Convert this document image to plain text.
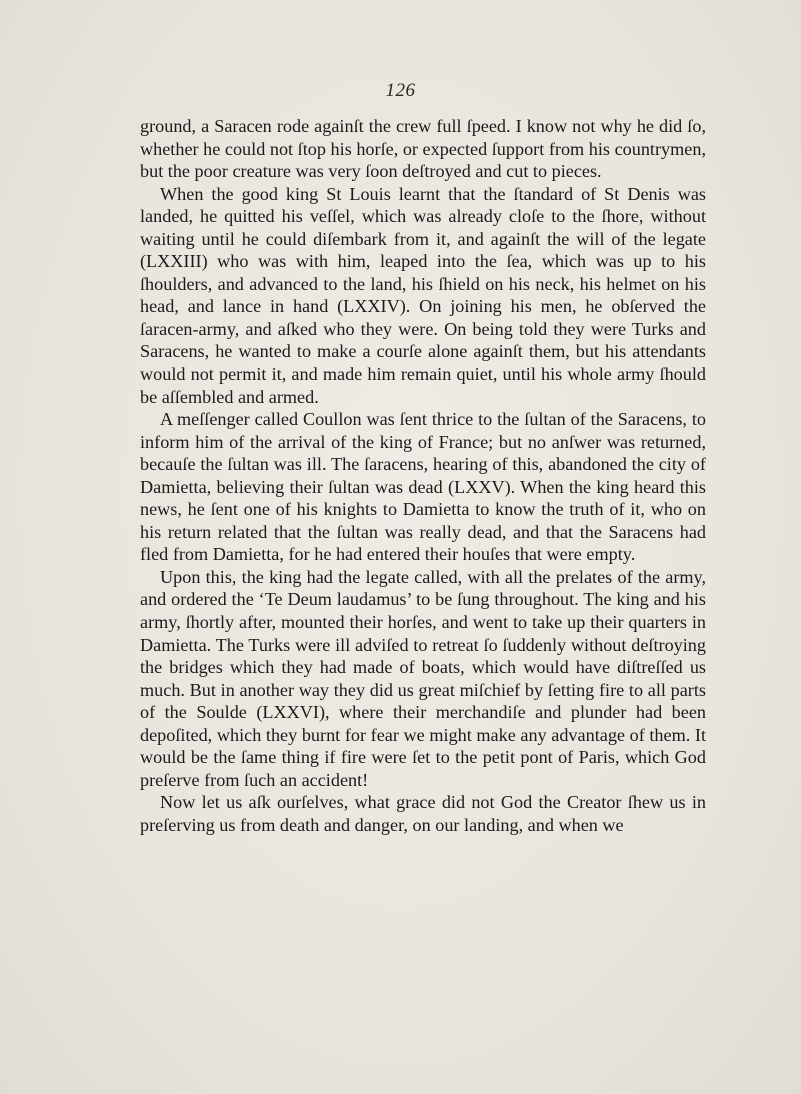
126

ground, a Saracen rode againſt the crew full ſpeed. I know not why he did ſo, whether he could not ſtop his horſe, or expected ſupport from his countrymen, but the poor creature was very ſoon deſtroyed and cut to pieces.

When the good king St Louis learnt that the ſtandard of St Denis was landed, he quitted his veſſel, which was already cloſe to the ſhore, without waiting until he could diſembark from it, and againſt the will of the legate (LXXIII) who was with him, leaped into the ſea, which was up to his ſhoulders, and advanced to the land, his ſhield on his neck, his helmet on his head, and lance in hand (LXXIV). On joining his men, he obſerved the ſaracen-army, and aſked who they were. On being told they were Turks and Saracens, he wanted to make a courſe alone againſt them, but his attendants would not permit it, and made him remain quiet, until his whole army ſhould be aſſembled and armed.

A meſſenger called Coullon was ſent thrice to the ſultan of the Saracens, to inform him of the arrival of the king of France; but no anſwer was returned, becauſe the ſultan was ill. The ſaracens, hearing of this, abandoned the city of Damietta, believing their ſultan was dead (LXXV). When the king heard this news, he ſent one of his knights to Damietta to know the truth of it, who on his return related that the ſultan was really dead, and that the Saracens had fled from Damietta, for he had entered their houſes that were empty.

Upon this, the king had the legate called, with all the prelates of the army, and ordered the ‘Te Deum laudamus’ to be ſung throughout. The king and his army, ſhortly after, mounted their horſes, and went to take up their quarters in Damietta. The Turks were ill adviſed to retreat ſo ſuddenly without deſtroying the bridges which they had made of boats, which would have diſtreſſed us much. But in another way they did us great miſchief by ſetting fire to all parts of the Soulde (LXXVI), where their merchandiſe and plunder had been depoſited, which they burnt for fear we might make any advantage of them. It would be the ſame thing if fire were ſet to the petit pont of Paris, which God preſerve from ſuch an accident!

Now let us aſk ourſelves, what grace did not God the Creator ſhew us in preſerving us from death and danger, on our landing, and when we
